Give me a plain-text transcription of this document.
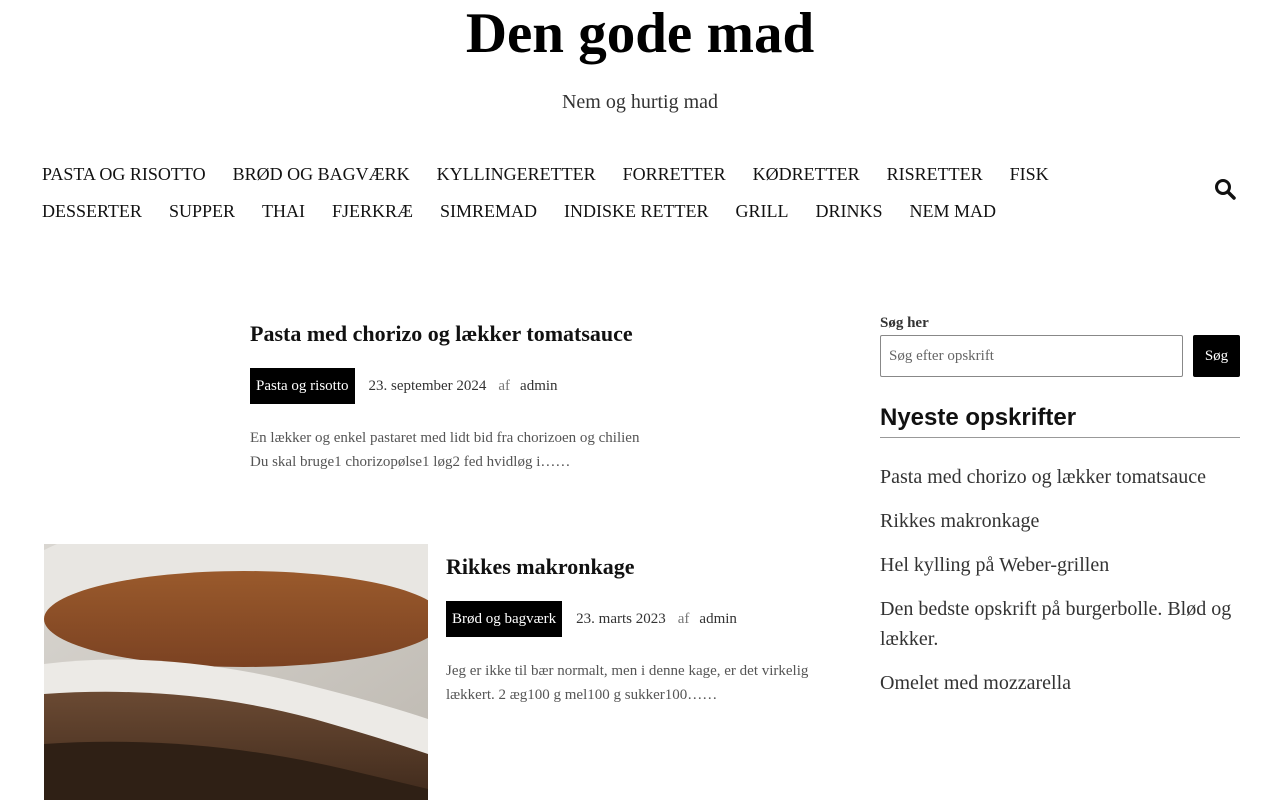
Den gode mad
Nem og hurtig mad
PASTA OG RISOTTO BRØD OG BAGVÆRK KYLLINGERETTER FORRETTER KØDRETTER RISRETTER FISK
DESSERTER SUPPER THAI FJERKRÆ SIMREMAD INDISKE RETTER GRILL DRINKS NEM MAD
Pasta med chorizo og lækker tomatsauce
Pasta og risotto	23. september 2024 af admin

En lækker og enkel pastaret med lidt bid fra chorizoen og chilien Du skal bruge1 chorizopølse1 løg2 fed hvidløg i……

Rikkes makronkage
Brød og bagværk	23. marts 2023 af admin

Jeg er ikke til bær normalt, men i denne kage, er det virkelig lækkert. 2 æg100 g mel100 g sukker100……

Søg her
Søg efter opskrift
Søg
Nyeste opskrifter
Pasta med chorizo og lækker tomatsauce
Rikkes makronkage
Hel kylling på Weber-grillen
Den bedste opskrift på burgerbolle. Blød og lækker.
Omelet med mozzarella
